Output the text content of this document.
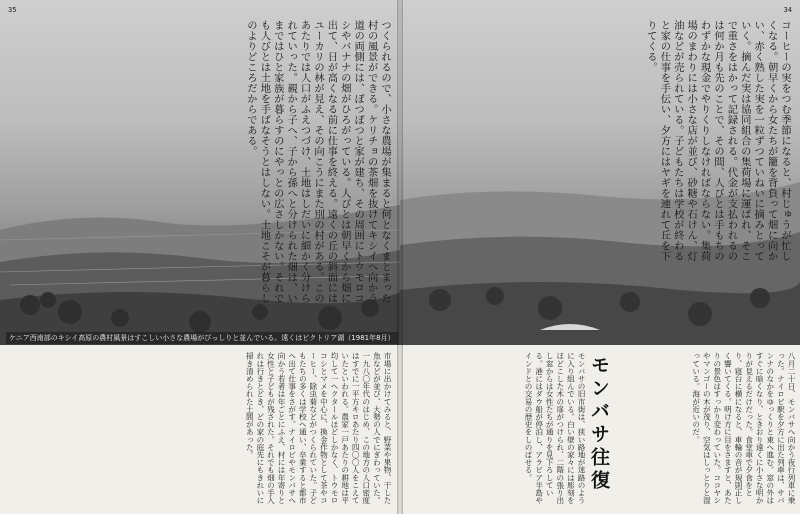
35
つくられるので、小さな農場が集まると何となくまとまった村の風景ができる。ケリチョの茶畑を抜けてキシイへ向かう道の両側には、ぽつぽつと家が建ち、その周囲にトウモロコシやバナナの畑がひろがっている。人びとは朝早くから畑に出て、日が高くなる前に仕事を終える。遠くの丘の斜面にはユーカリの林が見え、その向こうにまた別の村がある。このあたりでは人口がふえつづけ、土地はしだいに細かく分けられていった。親から子へ、子から孫へと分けられた畑は、いまではひと家族が暮らすのにやっとの広さしかない。それでも人びとは土地を手ばなそうとはしない。土地こそが暮らしのよりどころだからである。
ケニア西南部のキシイ高原の農村風景はすこしい小さな農場がびっしりと並んでいる。遠くはビクトリア湖（1981年8月）
市場に出かけてみると、野菜や果物、干した魚などが並び、大勢の人でにぎわっていた。一九八〇年代のはじめ、この地方の人口密度はすでに一平方キロあたり四〇〇人をこえていたといわれる。農家一戸あたりの耕地は平均して一ヘクタールほどしかなく、トウモロコシとマメを中心に、換金作物として茶やコーヒー、除虫菊などがつくられていた。子どもたちの多くは学校へ通い、卒業すると都市へ出て仕事をさがす。ナイロビやモンバサへ向かう若者は年ごとにふえ、村には年寄りと女性と子どもが残された。それでも畑の手入れは行きとどき、どの家の庭先にもきれいに掃き清められた土間があった。
34
コーヒーの実をつむ季節になると、村じゅうが忙しくなる。朝早くから女たちが籠を背負って畑に向かい、赤く熟した実を一粒ずつていねいに摘みとっていく。摘んだ実は協同組合の集荷場に運ばれ、そこで重さをはかって記録される。代金が支払われるのは何か月も先のことで、その間、人びとは手もちのわずかな現金でやりくりしなければならない。集荷場のまわりには小さな店が並び、砂糖や石けん、灯油などが売られている。子どもたちは学校が終わると家の仕事を手伝い、夕方にはヤギを連れて丘を下りてくる。
八月二十日、モンバサへ向かう夜行列車に乗った。ナイロビ駅を夕方に出た列車は、サバンナのなかをゆっくりと東へ進む。窓の外はすぐに暗くなり、ときおり遠くに小さな明かりが見えるだけだった。食堂車で夕食をとり、寝台に横になると、車輪の音が規則正しく響いてくる。明け方に目をさますと、あたりの景色はすっかり変わっていた。ココヤシやマンゴーの木が茂り、空気はしっとりと湿っている。海が近いのだ。
モンバサ往復
モンバサの旧市街は、狭い路地が迷路のように入り組んでいる。白い壁の家々には彫刻をほどこした木の扉がつけられ、二階の張り出し窓からは女性たちが通りを見下ろしている。港にはダウ船が停泊し、アラビア半島やインドとの交易の歴史をしのばせる。
